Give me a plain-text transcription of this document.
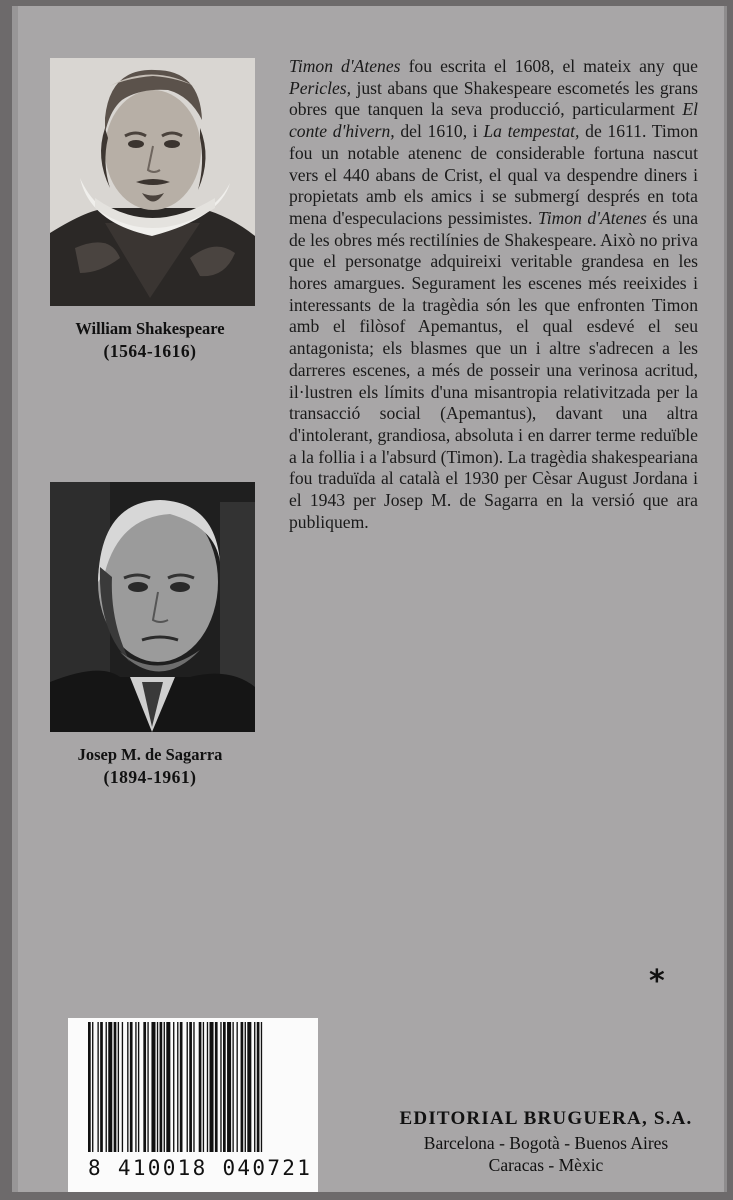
William Shakespeare
(1564-1616)
Josep M. de Sagarra
(1894-1961)
Timon d'Atenes fou escrita el 1608, el mateix any que Pericles, just abans que Shakespeare escometés les grans obres que tanquen la seva producció, particularment El conte d'hivern, del 1610, i La tempestat, de 1611. Timon fou un notable atenenc de considerable fortuna nascut vers el 440 abans de Crist, el qual va despendre diners i propietats amb els amics i se submergí després en tota mena d'especulacions pessimistes. Timon d'Atenes és una de les obres més rectilínies de Shakespeare. Això no priva que el personatge adquireixi veritable grandesa en les hores amargues. Segurament les escenes més reeixides i interessants de la tragèdia són les que enfronten Timon amb el filòsof Apemantus, el qual esdevé el seu antagonista; els blasmes que un i altre s'adrecen a les darreres escenes, a més de posseir una verinosa acritud, il·lustren els límits d'una misantropia relativitzada per la transacció social (Apemantus), davant una altra d'intolerant, grandiosa, absoluta i en darrer terme reduïble a la follia i a l'absurd (Timon). La tragèdia shakespeariana fou traduïda al català el 1930 per Cèsar August Jordana i el 1943 per Josep M. de Sagarra en la versió que ara publiquem.
*
8 410018 040721
EDITORIAL BRUGUERA, S.A.
Barcelona - Bogotà - Buenos Aires
Caracas - Mèxic
